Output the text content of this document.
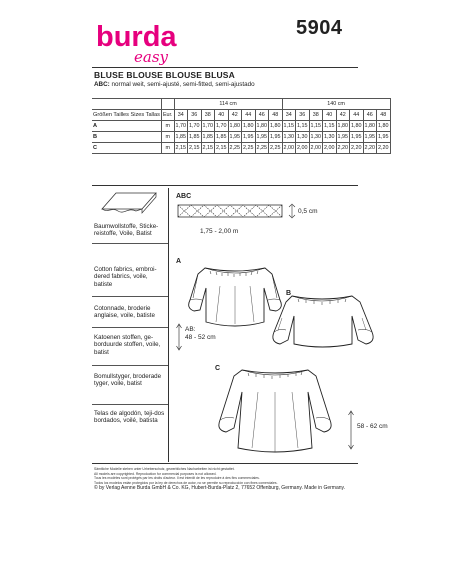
burda
easy
5904
BLUSE BLOUSE BLOUSE BLUSA
ABC: normal weit, semi-ajusté, semi-fitted, semi-ajustado
		114 cm								140 cm							
Größen Tailles Sizes Tallas	Eur.	34	36	38	40	42	44	46	48	34	36	38	40	42	44	46	48
A	m	1,70	1,70	1,70	1,70	1,80	1,80	1,80	1,80	1,15	1,15	1,15	1,15	1,80	1,80	1,80	1,80
B	m	1,85	1,85	1,85	1,85	1,95	1,95	1,95	1,95	1,30	1,30	1,30	1,30	1,95	1,95	1,95	1,95
C	m	2,15	2,15	2,15	2,15	2,25	2,25	2,25	2,25	2,00	2,00	2,00	2,00	2,20	2,20	2,20	2,20
Baumwollstoffe, Sticke-reistoffe, Voile, Batist
Cotton fabrics, embroi-dered fabrics, voile, batiste
Cotonnade, broderie anglaise, voile, batiste
Katoenen stoffen, ge-borduurde stoffen, voile, batist
Bomullstyger, broderade tyger, voile, batist
Telas de algodón, teji-dos bordados, voilé, batista
ABC
0,5 cm
1,75 - 2,00 m
A
B
AB:
48 - 52 cm
C
58 - 62 cm
Sämtliche Modelle stehen unter Urheberschutz, gewerbliches Nacharbeiten ist nicht gestattet.
All models are copyrighted. Reproduction for commercial purposes is not allowed.
Tous les modèles sont protégés par les droits d'auteur. Il est interdit de les reproduire à des fins commerciales.
Todos los modelos están protegidos por la ley de derechos de autor, no se permite su reproducción con fines comerciales.
© by Verlag Aenne Burda GmbH & Co. KG, Hubert-Burda-Platz 2, 77652 Offenburg, Germany. Made in Germany.
